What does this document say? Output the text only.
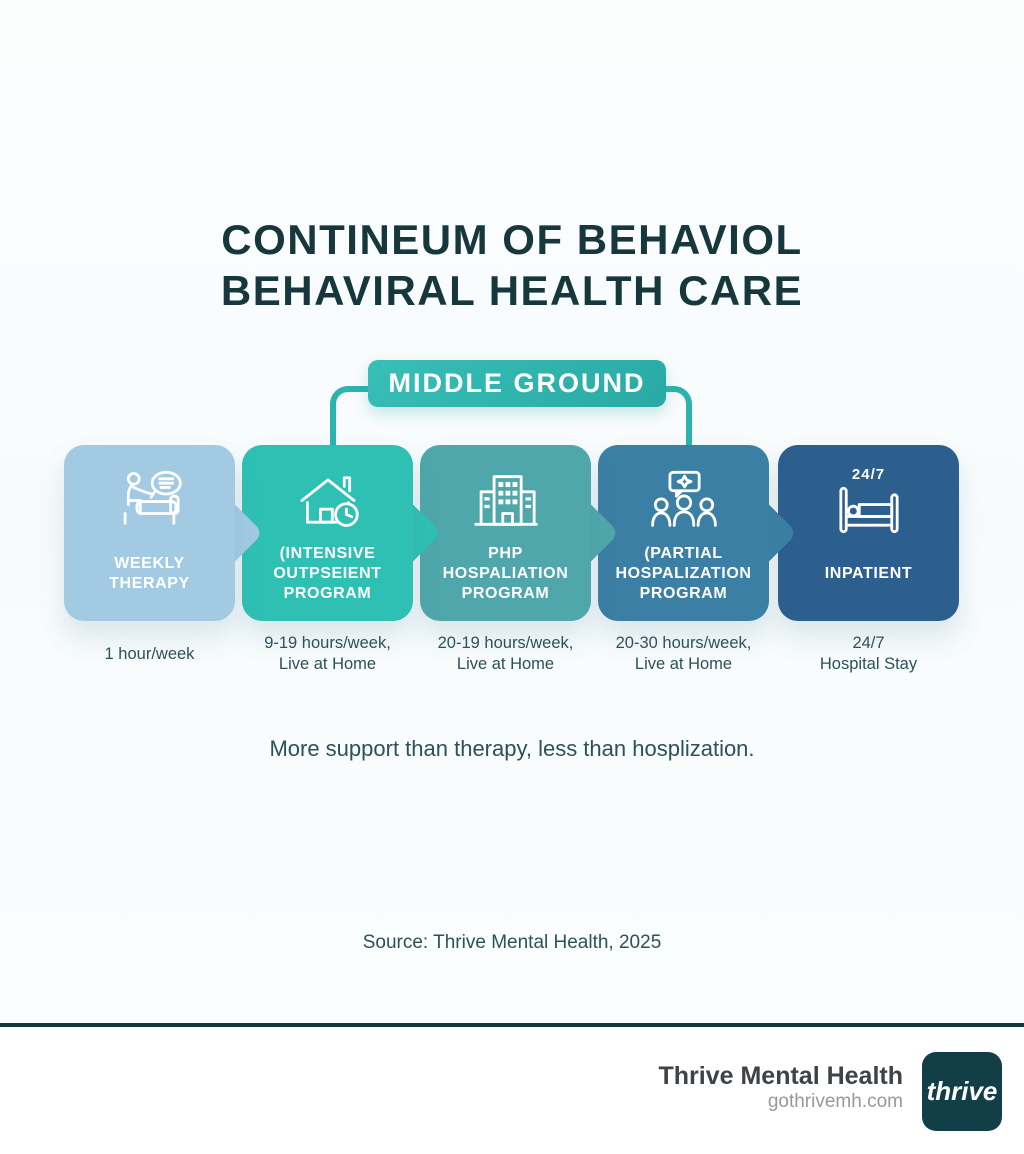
CONTINEUM OF BEHAVIOL
BEHAVIRAL HEALTH CARE
MIDDLE GROUND
WEEKLY
THERAPY
(INTENSIVE
OUTPSEIENT
PROGRAM
PHP
HOSPALIATION
PROGRAM
(PARTIAL
HOSPALIZATION
PROGRAM
24/7
INPATIENT
1 hour/week
9-19 hours/week,
Live at Home
20-19 hours/week,
Live at Home
20-30 hours/week,
Live at Home
24/7
Hospital Stay
More support than therapy, less than hosplization.
Source: Thrive Mental Health, 2025
Thrive Mental Health
gothrivemh.com thrive
